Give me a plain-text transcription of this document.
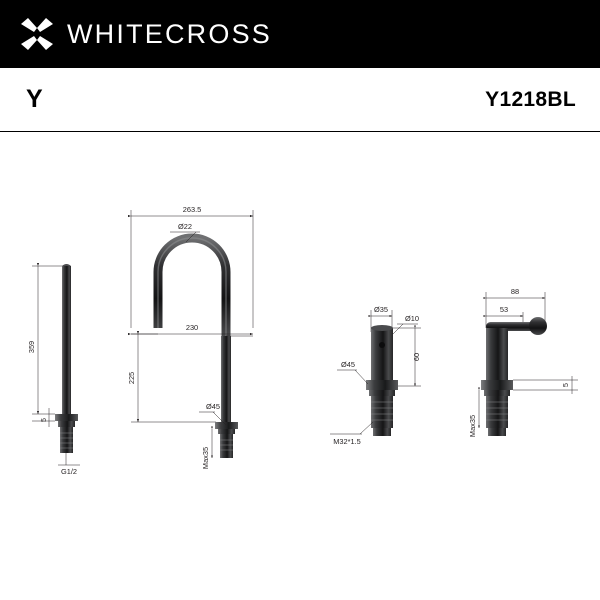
WHITECROSS
Y	Y1218BL
359
5
G1/2
263.5
Ø22
230
225
Ø45
Max35
Ø35
Ø10
Ø45
60
M32*1.5
88
53
5
Max35
